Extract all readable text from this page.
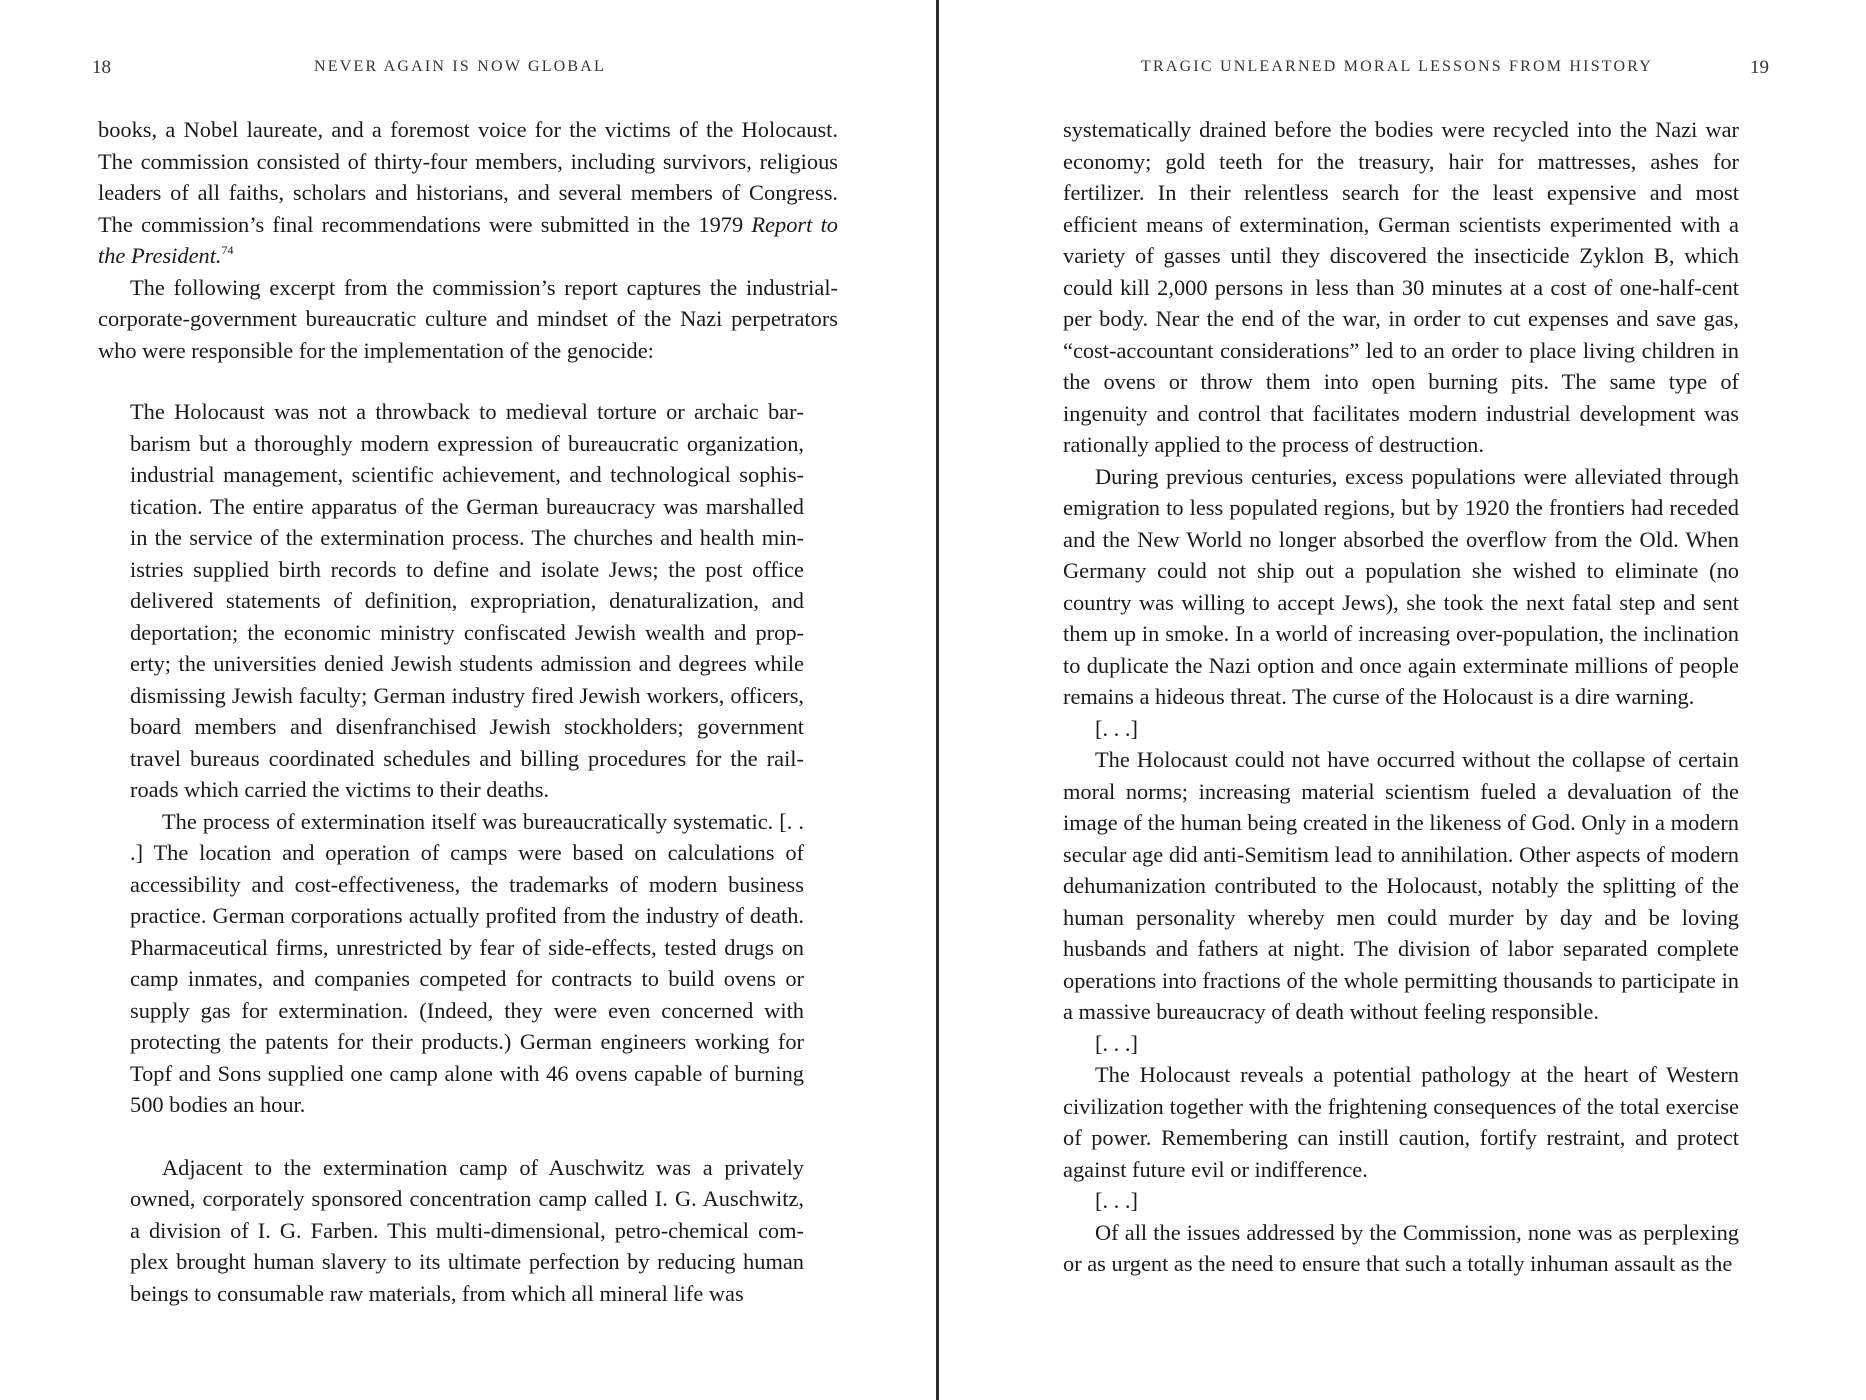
18	NEVER AGAIN IS NOW GLOBAL

books, a Nobel laureate, and a foremost voice for the victims of the Holocaust. The commission consisted of thirty-four members, including survivors, religious leaders of all faiths, scholars and historians, and several members of Congress. The commission’s final recommendations were submitted in the 1979 Report to the President.$^{74}$

The following excerpt from the commission’s report captures the industrial-corporate-government bureaucratic culture and mindset of the Nazi perpetrators who were responsible for the implementation of the genocide:

The Holocaust was not a throwback to medieval torture or archaic barbarism but a thoroughly modern expression of bureaucratic organization, industrial management, scientific achievement, and technological sophistication. The entire apparatus of the German bureaucracy was marshalled in the service of the extermination process. The churches and health ministries supplied birth records to define and isolate Jews; the post office delivered statements of definition, expropriation, denaturalization, and deportation; the economic ministry confiscated Jewish wealth and property; the universities denied Jewish students admission and degrees while dismissing Jewish faculty; German industry fired Jewish workers, officers, board members and disenfranchised Jewish stockholders; government travel bureaus coordinated schedules and billing procedures for the railroads which carried the victims to their deaths.

The process of extermination itself was bureaucratically systematic. [. . .] The location and operation of camps were based on calculations of accessibility and cost-effectiveness, the trademarks of modern business practice. German corporations actually profited from the industry of death. Pharmaceutical firms, unrestricted by fear of side-effects, tested drugs on camp inmates, and companies competed for contracts to build ovens or supply gas for extermination. (Indeed, they were even concerned with protecting the patents for their products.) German engineers working for Topf and Sons supplied one camp alone with 46 ovens capable of burning 500 bodies an hour.

Adjacent to the extermination camp of Auschwitz was a privately owned, corporately sponsored concentration camp called I. G. Auschwitz, a division of I. G. Farben. This multi-dimensional, petro-chemical complex brought human slavery to its ultimate perfection by reducing human beings to consumable raw materials, from which all mineral life was

TRAGIC UNLEARNED MORAL LESSONS FROM HISTORY	19

systematically drained before the bodies were recycled into the Nazi war economy; gold teeth for the treasury, hair for mattresses, ashes for fertilizer. In their relentless search for the least expensive and most efficient means of extermination, German scientists experimented with a variety of gasses until they discovered the insecticide Zyklon B, which could kill 2,000 persons in less than 30 minutes at a cost of one-half-cent per body. Near the end of the war, in order to cut expenses and save gas, “cost-accountant considerations” led to an order to place living children in the ovens or throw them into open burning pits. The same type of ingenuity and control that facilitates modern industrial development was rationally applied to the process of destruction.

During previous centuries, excess populations were alleviated through emigration to less populated regions, but by 1920 the frontiers had receded and the New World no longer absorbed the overflow from the Old. When Germany could not ship out a population she wished to eliminate (no country was willing to accept Jews), she took the next fatal step and sent them up in smoke. In a world of increasing over-population, the inclination to duplicate the Nazi option and once again exterminate millions of people remains a hideous threat. The curse of the Holocaust is a dire warning.

[. . .]

The Holocaust could not have occurred without the collapse of certain moral norms; increasing material scientism fueled a devaluation of the image of the human being created in the likeness of God. Only in a modern secular age did anti-Semitism lead to annihilation. Other aspects of modern dehumanization contributed to the Holocaust, notably the splitting of the human personality whereby men could murder by day and be loving husbands and fathers at night. The division of labor separated complete operations into fractions of the whole permitting thousands to participate in a massive bureaucracy of death without feeling responsible.

[. . .]

The Holocaust reveals a potential pathology at the heart of Western civilization together with the frightening consequences of the total exercise of power. Remembering can instill caution, fortify restraint, and protect against future evil or indifference.

[. . .]

Of all the issues addressed by the Commission, none was as perplexing or as urgent as the need to ensure that such a totally inhuman assault as the
